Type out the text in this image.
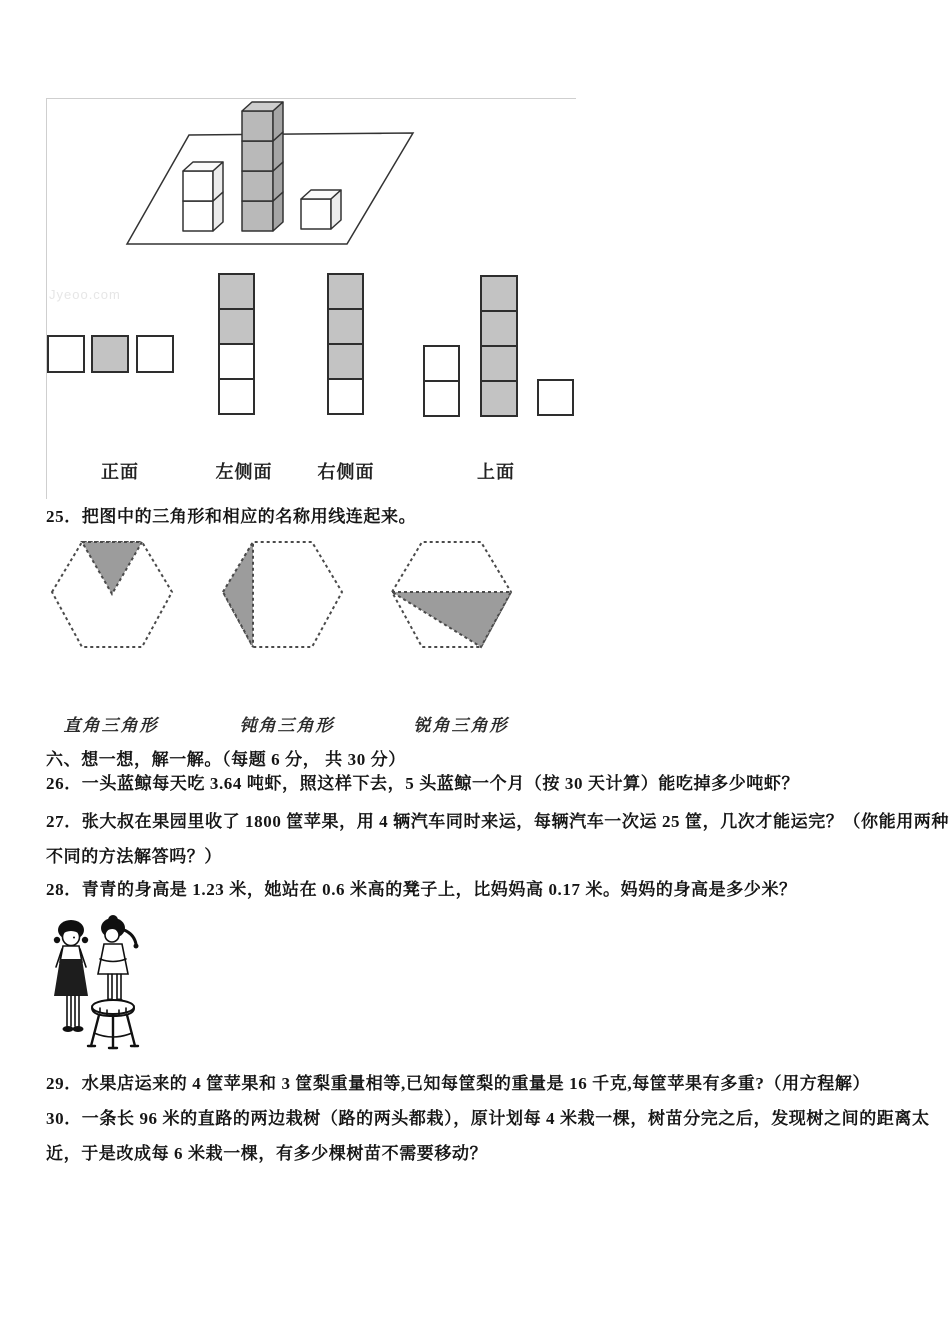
Jyeoo.com
正面	左侧面	右侧面	上面
25．把图中的三角形和相应的名称用线连起来。
直角三角形	钝角三角形	锐角三角形
六、想一想，解一解。（每题 6 分， 共 30 分）
26．一头蓝鲸每天吃 3.64 吨虾，照这样下去，5 头蓝鲸一个月（按 30 天计算）能吃掉多少吨虾？
27．张大叔在果园里收了 1800 筐苹果，用 4 辆汽车同时来运，每辆汽车一次运 25 筐，几次才能运完？（你能用两种
不同的方法解答吗？）
28．青青的身高是 1.23 米，她站在 0.6 米高的凳子上，比妈妈高 0.17 米。妈妈的身高是多少米？
29．水果店运来的 4 筐苹果和 3 筐梨重量相等,已知每筐梨的重量是 16 千克,每筐苹果有多重?（用方程解）
30．一条长 96 米的直路的两边栽树（路的两头都栽），原计划每 4 米栽一棵，树苗分完之后，发现树之间的距离太
近，于是改成每 6 米栽一棵，有多少棵树苗不需要移动？
